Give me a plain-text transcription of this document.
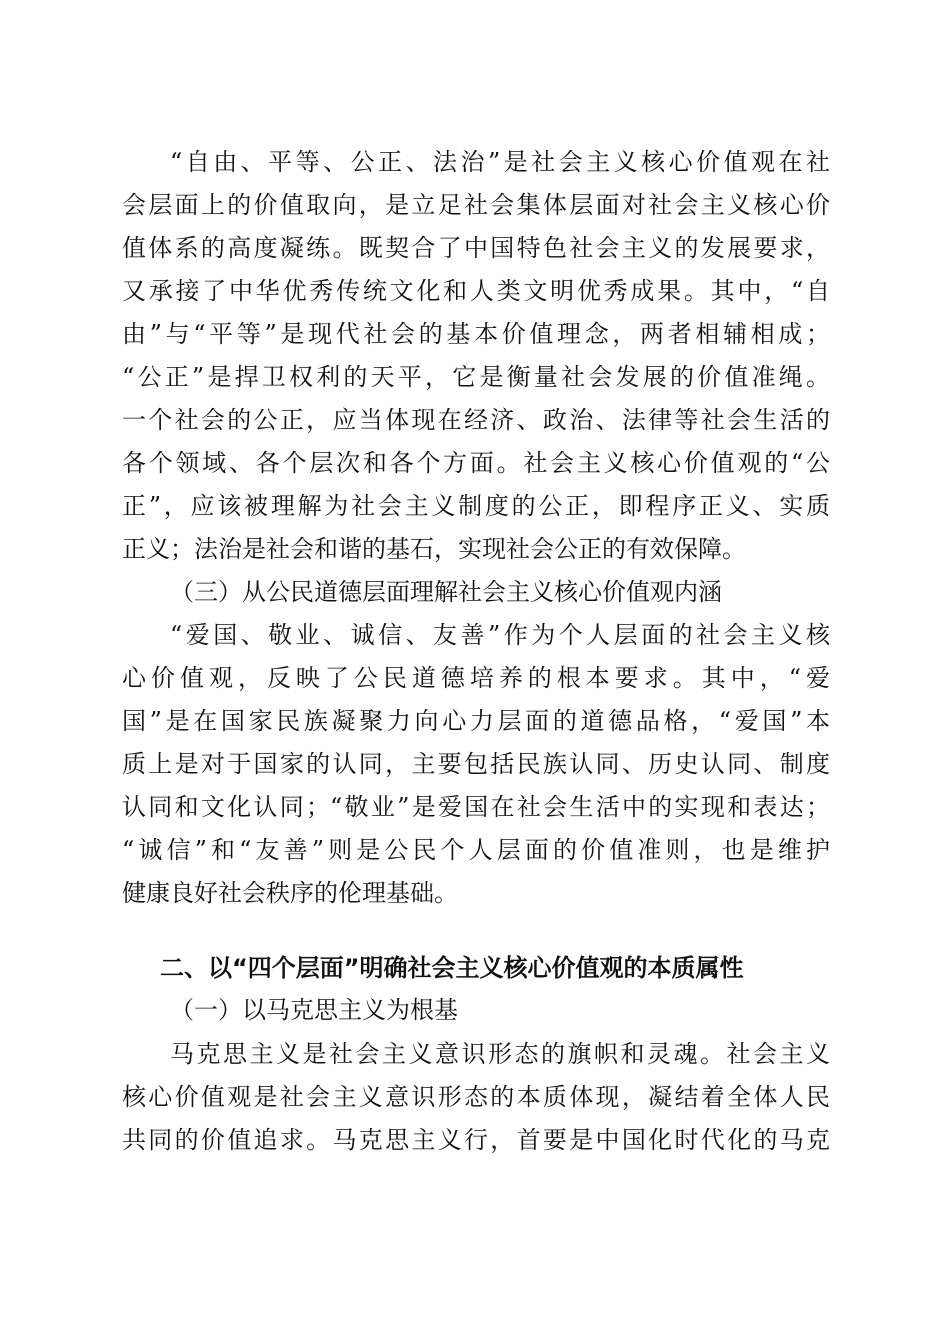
“自由、平等、公正、法治”是社会主义核心价值观在社
会层面上的价值取向，是立足社会集体层面对社会主义核心价
值体系的高度凝练。既契合了中国特色社会主义的发展要求，
又承接了中华优秀传统文化和人类文明优秀成果。其中，“自
由”与“平等”是现代社会的基本价值理念，两者相辅相成；
“公正”是捍卫权利的天平，它是衡量社会发展的价值准绳。
一个社会的公正，应当体现在经济、政治、法律等社会生活的
各个领域、各个层次和各个方面。社会主义核心价值观的“公
正”，应该被理解为社会主义制度的公正，即程序正义、实质
正义；法治是社会和谐的基石，实现社会公正的有效保障。
（三）从公民道德层面理解社会主义核心价值观内涵
“爱国、敬业、诚信、友善”作为个人层面的社会主义核
心价值观，反映了公民道德培养的根本要求。其中，“爱
国”是在国家民族凝聚力向心力层面的道德品格，“爱国”本
质上是对于国家的认同，主要包括民族认同、历史认同、制度
认同和文化认同；“敬业”是爱国在社会生活中的实现和表达；
“诚信”和“友善”则是公民个人层面的价值准则，也是维护
健康良好社会秩序的伦理基础。
二、以“四个层面”明确社会主义核心价值观的本质属性
（一）以马克思主义为根基
马克思主义是社会主义意识形态的旗帜和灵魂。社会主义
核心价值观是社会主义意识形态的本质体现，凝结着全体人民
共同的价值追求。马克思主义行，首要是中国化时代化的马克
